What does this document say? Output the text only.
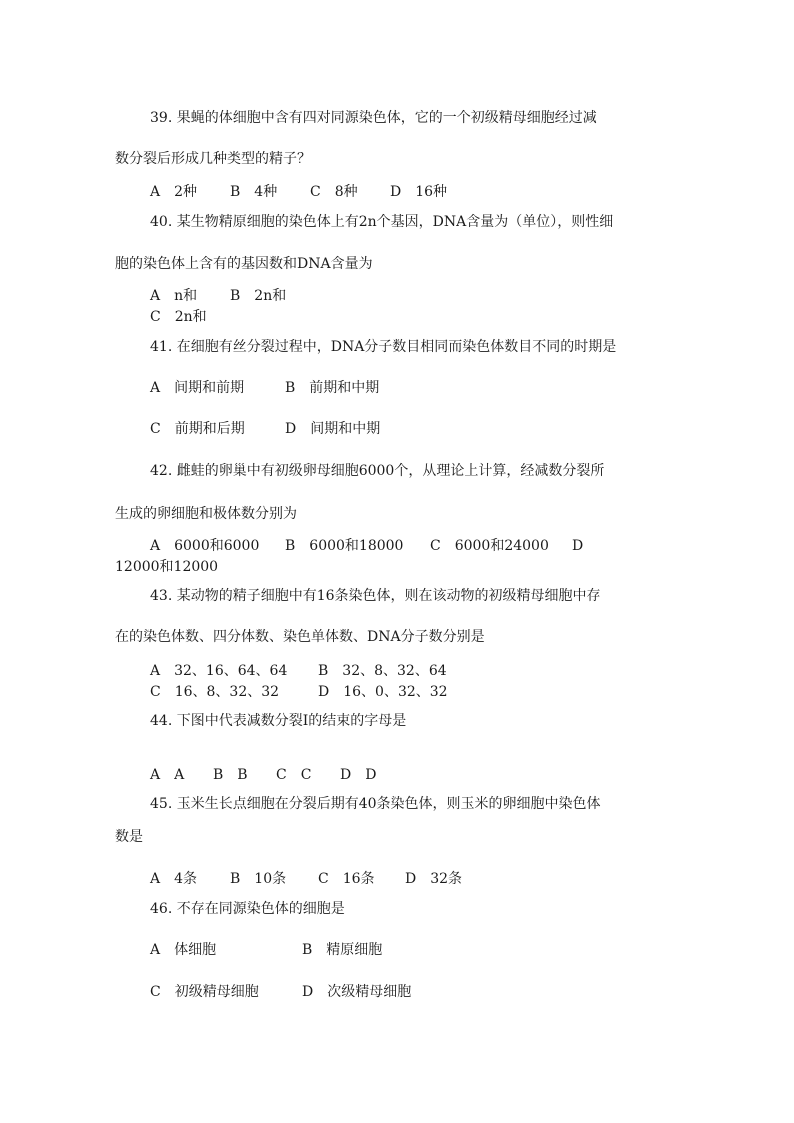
39. 果蝇的体细胞中含有四对同源染色体，它的一个初级精母细胞经过减
数分裂后形成几种类型的精子？
A　2种 B　4种 C　8种 D　16种
40. 某生物精原细胞的染色体上有2n个基因，DNA含量为（单位），则性细
胞的染色体上含有的基因数和DNA含量为
A　n和 B　2n和
C　2n和
41. 在细胞有丝分裂过程中，DNA分子数目相同而染色体数目不同的时期是
A　间期和前期	B　前期和中期
C　前期和后期	D　间期和中期
42. 雌蛙的卵巢中有初级卵母细胞6000个，从理论上计算，经减数分裂所
生成的卵细胞和极体数分别为
A　6000和6000 B　6000和18000 C　6000和24000 D
12000和12000
43. 某动物的精子细胞中有16条染色体，则在该动物的初级精母细胞中存
在的染色体数、四分体数、染色单体数、DNA分子数分别是
A　32、16、64、64 B　32、8、32、64
C　16、8、32、32	D　16、0、32、32
44. 下图中代表减数分裂Ⅰ的结束的字母是
A　A B　B C　C D　D
45. 玉米生长点细胞在分裂后期有40条染色体，则玉米的卵细胞中染色体
数是
A　4条 B　10条 C　16条 D　32条
46. 不存在同源染色体的细胞是
A　体细胞	B　精原细胞
C　初级精母细胞	D　次级精母细胞
